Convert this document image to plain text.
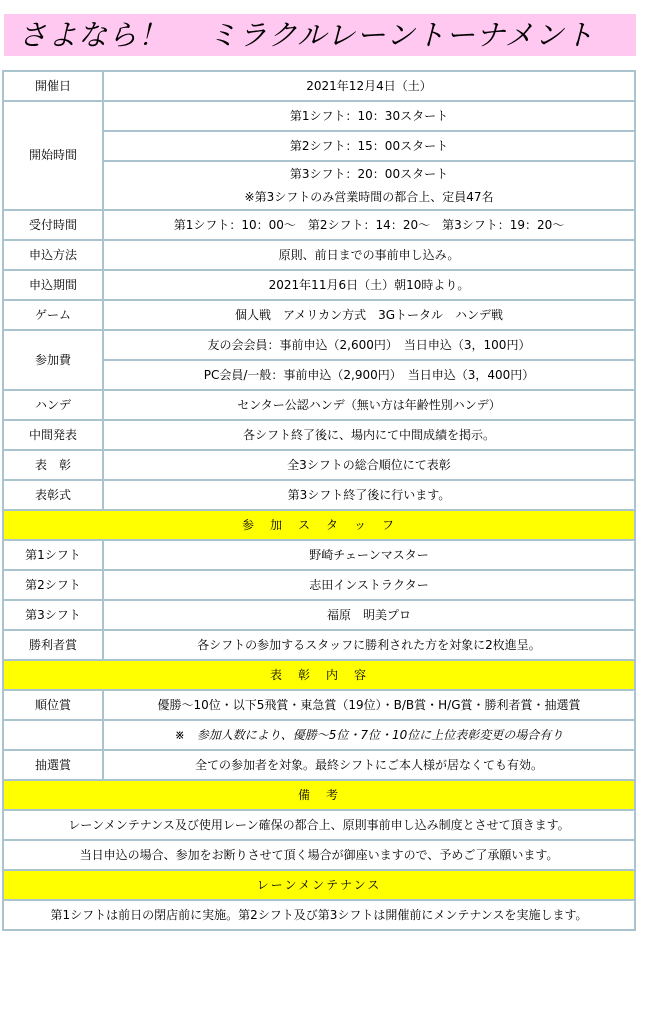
さよなら！ ミラクルレーントーナメント
開催日	2021年12月4日（土）
開始時間	第1シフト：10：30スタート
	第2シフト：15：00スタート

	第3シフト：20：00スタート
※第3シフトのみ営業時間の都合上、定員47名

受付時間	第1シフト：10：00～　第2シフト：14：20～　第3シフト：19：20～
申込方法	原則、前日までの事前申し込み。
申込期間	2021年11月6日（土）朝10時より。
ゲーム	個人戦　アメリカン方式　3Gトータル　ハンデ戦
参加費	友の会会員：事前申込（2,600円）　当日申込（3，100円）
	PC会員/一般：事前申込（2,900円）　当日申込（3，400円）
ハンデ	センター公認ハンデ（無い方は年齢性別ハンデ）
中間発表	各シフト終了後に、場内にて中間成績を掲示。
表　彰	全3シフトの総合順位にて表彰
表彰式	第3シフト終了後に行います。
参　加　ス　タ　ッ　フ	
第1シフト	野崎チェーンマスター
第2シフト	志田インストラクター
第3シフト	福原　明美プロ
勝利者賞	各シフトの参加するスタッフに勝利された方を対象に2枚進呈。
表　彰　内　容	
順位賞	優勝～10位・以下5飛賞・東急賞（19位）・B/B賞・H/G賞・勝利者賞・抽選賞
	※　参加人数により、優勝～5位・7位・10位に上位表彰変更の場合有り
抽選賞	全ての参加者を対象。最終シフトにご本人様が居なくても有効。
備　考	
レーンメンテナンス及び使用レーン確保の都合上、原則事前申し込み制度とさせて頂きます。	
当日申込の場合、参加をお断りさせて頂く場合が御座いますので、予めご了承願います。	
レーンメンテナンス	
第1シフトは前日の閉店前に実施。第2シフト及び第3シフトは開催前にメンテナンスを実施します。	
